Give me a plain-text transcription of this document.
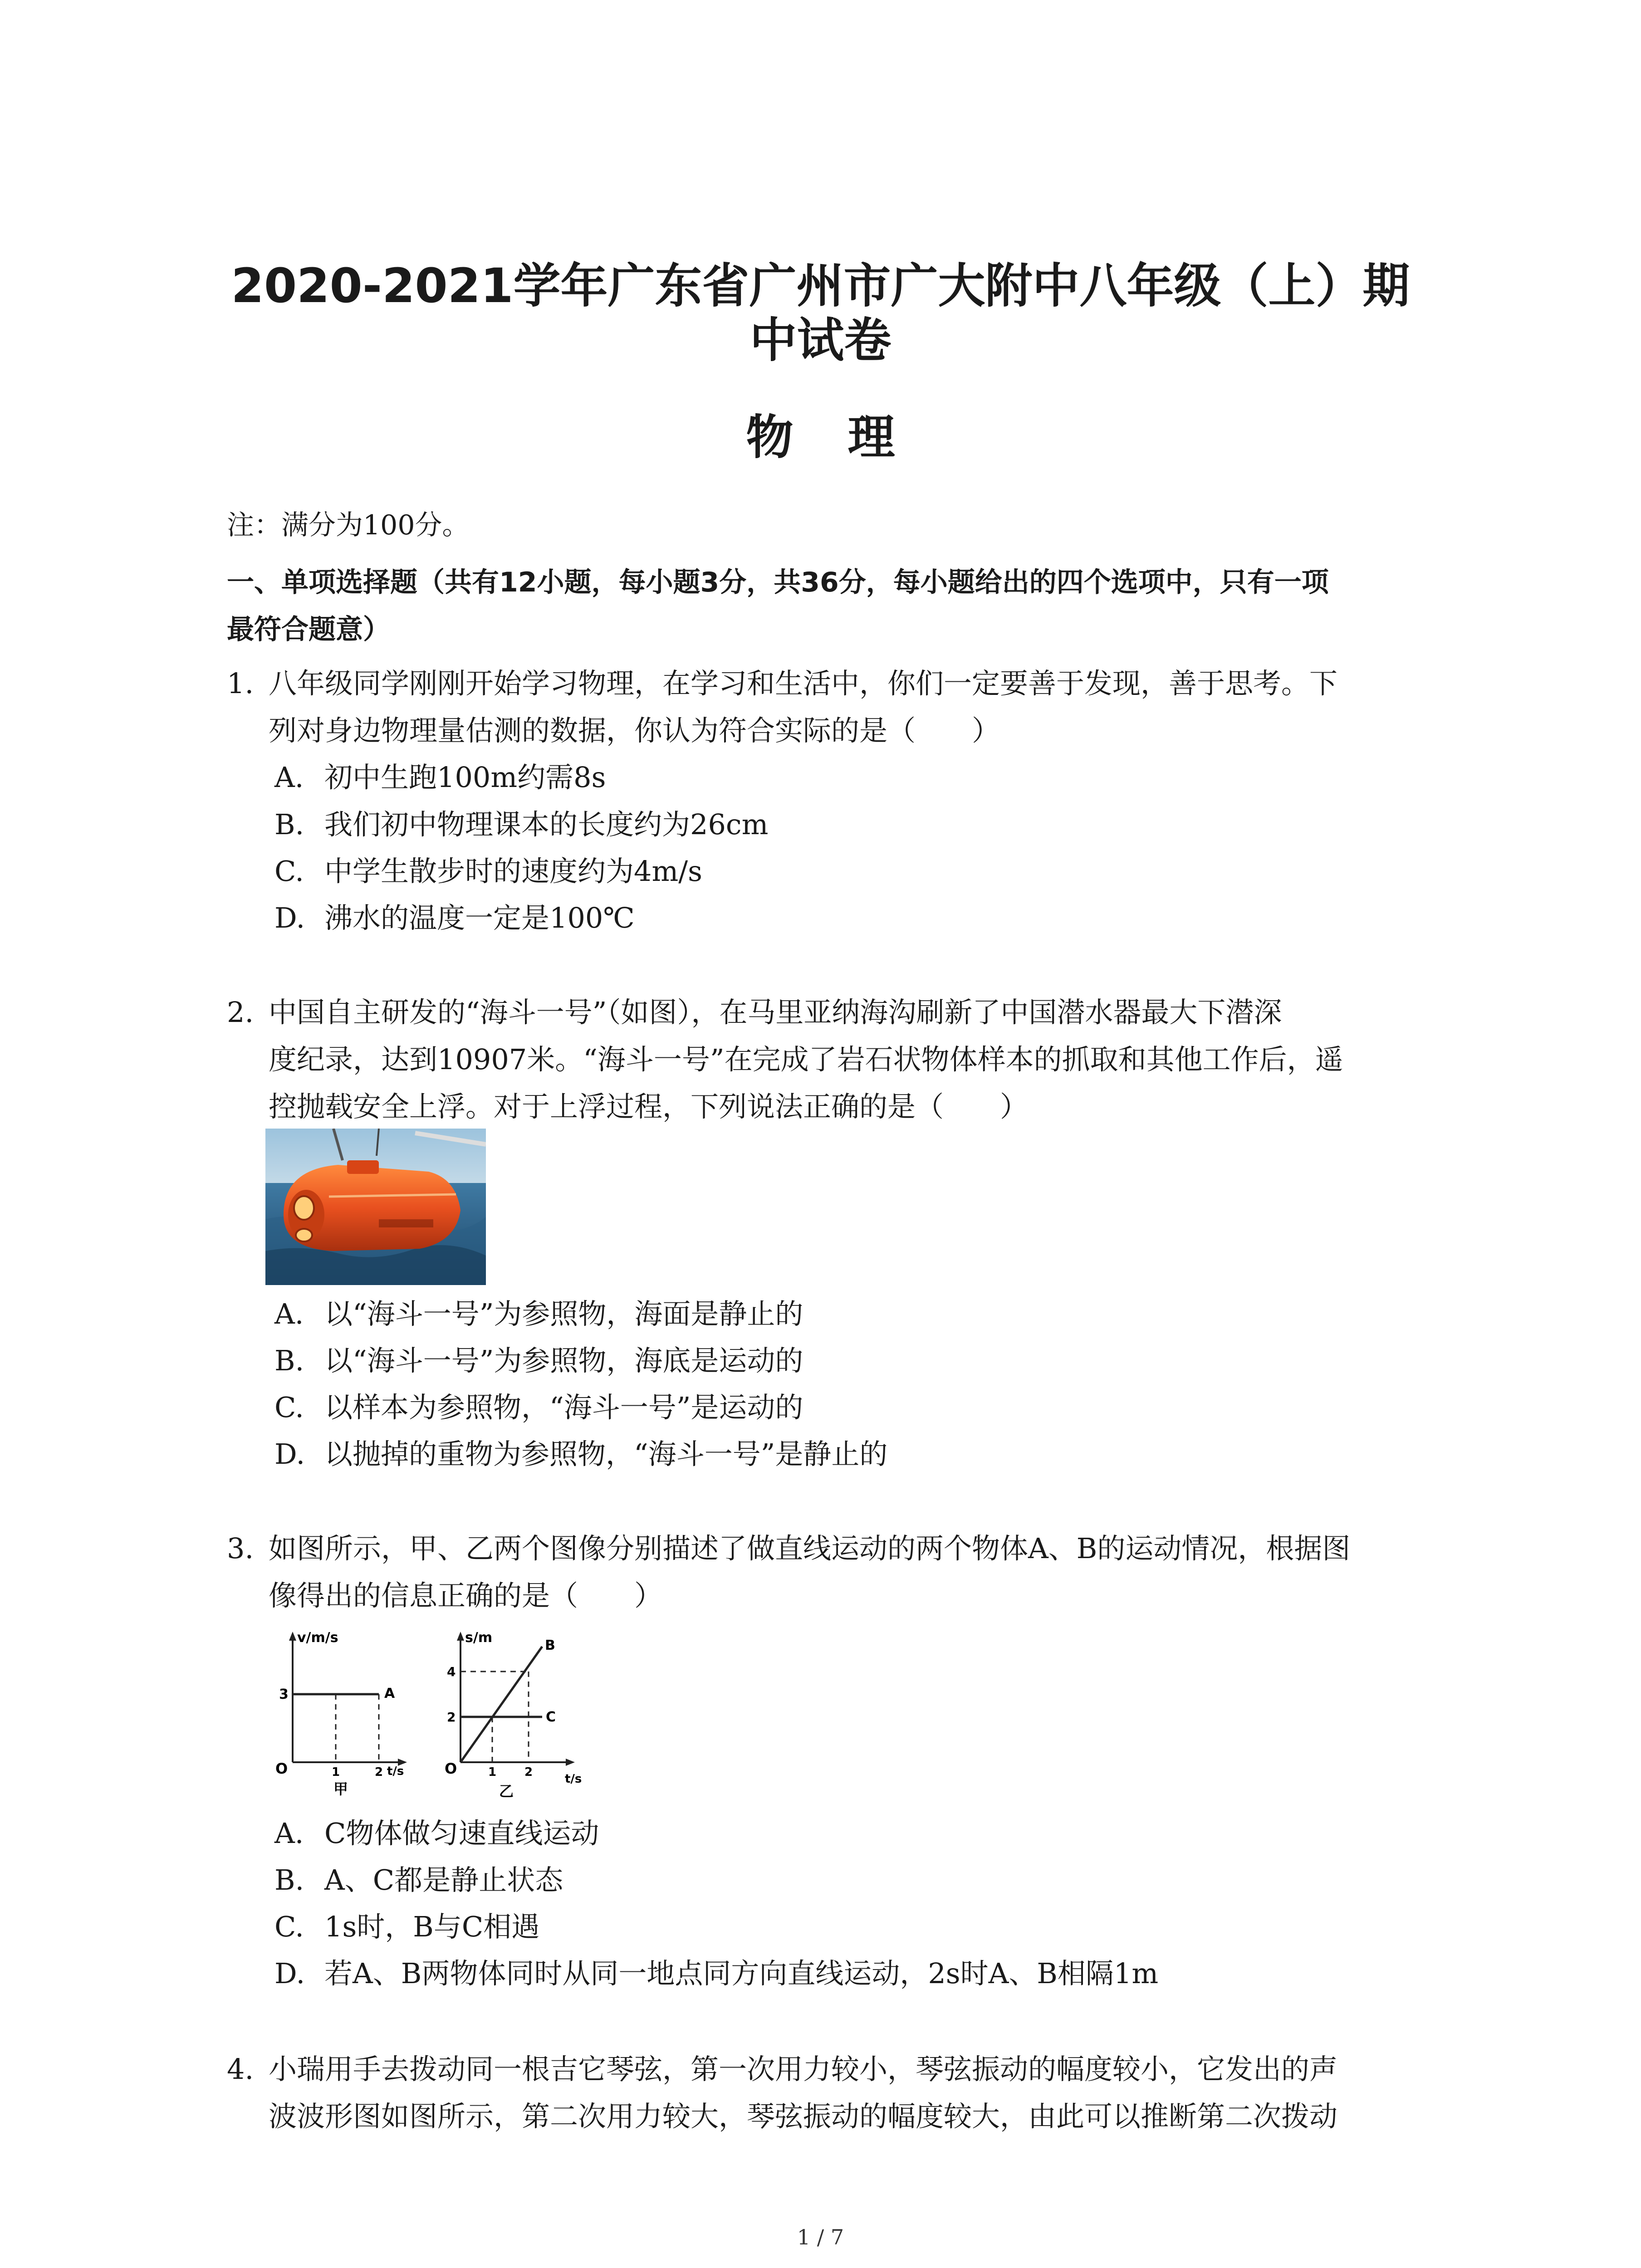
2020-2021学年广东省广州市广大附中八年级（上）期
中试卷
物理
注：满分为100分。
一、单项选择题（共有12小题，每小题3分，共36分，每小题给出的四个选项中，只有一项
最符合题意）
1. 八年级同学刚刚开始学习物理，在学习和生活中，你们一定要善于发现，善于思考。下
列对身边物理量估测的数据，你认为符合实际的是（　　）
A. 初中生跑100m约需8s
B. 我们初中物理课本的长度约为26cm
C. 中学生散步时的速度约为4m/s
D. 沸水的温度一定是100℃
2. 中国自主研发的“海斗一号”（如图），在马里亚纳海沟刷新了中国潜水器最大下潜深
度纪录，达到10907米。“海斗一号”在完成了岩石状物体样本的抓取和其他工作后，遥
控抛载安全上浮。对于上浮过程，下列说法正确的是（　　）
A. 以“海斗一号”为参照物，海面是静止的
B. 以“海斗一号”为参照物，海底是运动的
C. 以样本为参照物，“海斗一号”是运动的
D. 以抛掉的重物为参照物，“海斗一号”是静止的
3. 如图所示，甲、乙两个图像分别描述了做直线运动的两个物体A、B的运动情况，根据图
像得出的信息正确的是（　　）
v/m/s
3	A
O	1	2 t/s
甲
s/m
2
4
B
C
O	1 2	t/s
乙
A. C物体做匀速直线运动
B. A、C都是静止状态
C. 1s时，B与C相遇
D. 若A、B两物体同时从同一地点同方向直线运动，2s时A、B相隔1m
4. 小瑞用手去拨动同一根吉它琴弦，第一次用力较小，琴弦振动的幅度较小，它发出的声
波波形图如图所示，第二次用力较大，琴弦振动的幅度较大，由此可以推断第二次拨动
1 / 7
